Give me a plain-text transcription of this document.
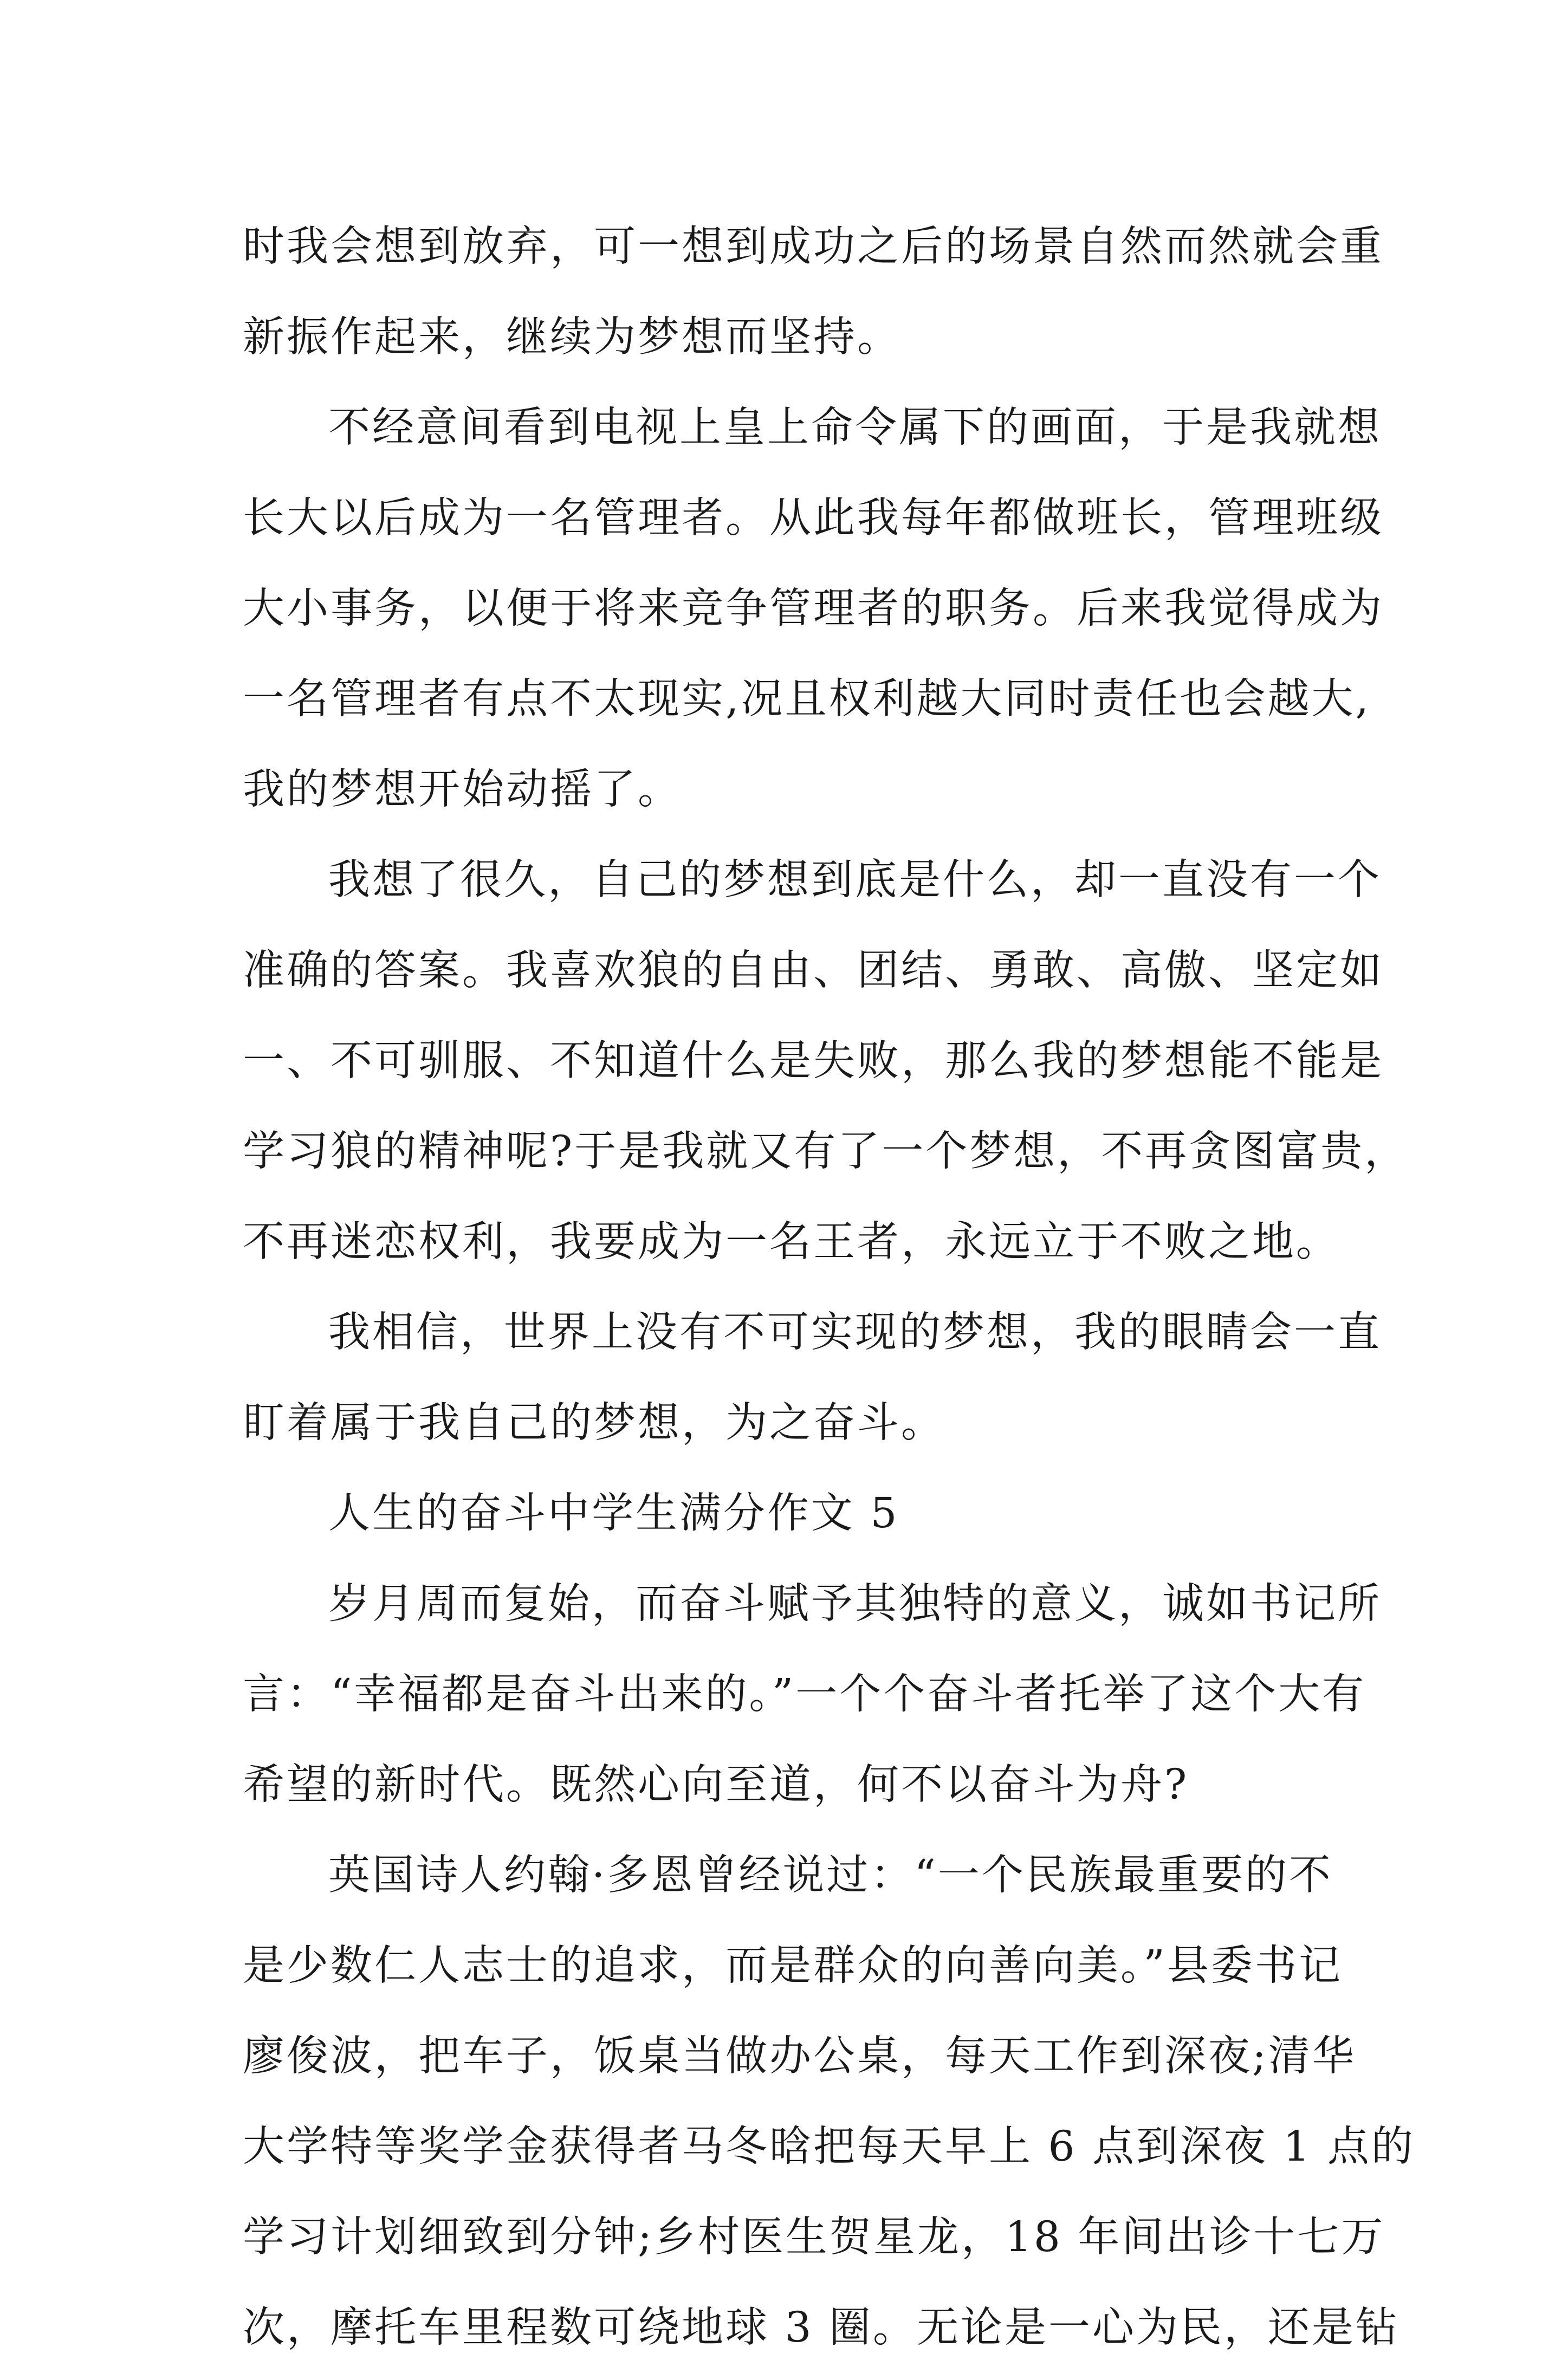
时我会想到放弃，可一想到成功之后的场景自然而然就会重
新振作起来，继续为梦想而坚持。
不经意间看到电视上皇上命令属下的画面，于是我就想
长大以后成为一名管理者。从此我每年都做班长，管理班级
大小事务，以便于将来竞争管理者的职务。后来我觉得成为
一名管理者有点不太现实,况且权利越大同时责任也会越大,
我的梦想开始动摇了。
我想了很久，自己的梦想到底是什么，却一直没有一个
准确的答案。我喜欢狼的自由、团结、勇敢、高傲、坚定如
一、不可驯服、不知道什么是失败，那么我的梦想能不能是
学习狼的精神呢?于是我就又有了一个梦想，不再贪图富贵，
不再迷恋权利，我要成为一名王者，永远立于不败之地。
我相信，世界上没有不可实现的梦想，我的眼睛会一直
盯着属于我自己的梦想，为之奋斗。
人生的奋斗中学生满分作文 5
岁月周而复始，而奋斗赋予其独特的意义，诚如书记所
言：“幸福都是奋斗出来的。”一个个奋斗者托举了这个大有
希望的新时代。既然心向至道，何不以奋斗为舟?
英国诗人约翰·多恩曾经说过：“一个民族最重要的不
是少数仁人志士的追求，而是群众的向善向美。”县委书记
廖俊波，把车子，饭桌当做办公桌，每天工作到深夜;清华
大学特等奖学金获得者马冬晗把每天早上 6 点到深夜 1 点的
学习计划细致到分钟;乡村医生贺星龙，18 年间出诊十七万
次，摩托车里程数可绕地球 3 圈。无论是一心为民，还是钻
